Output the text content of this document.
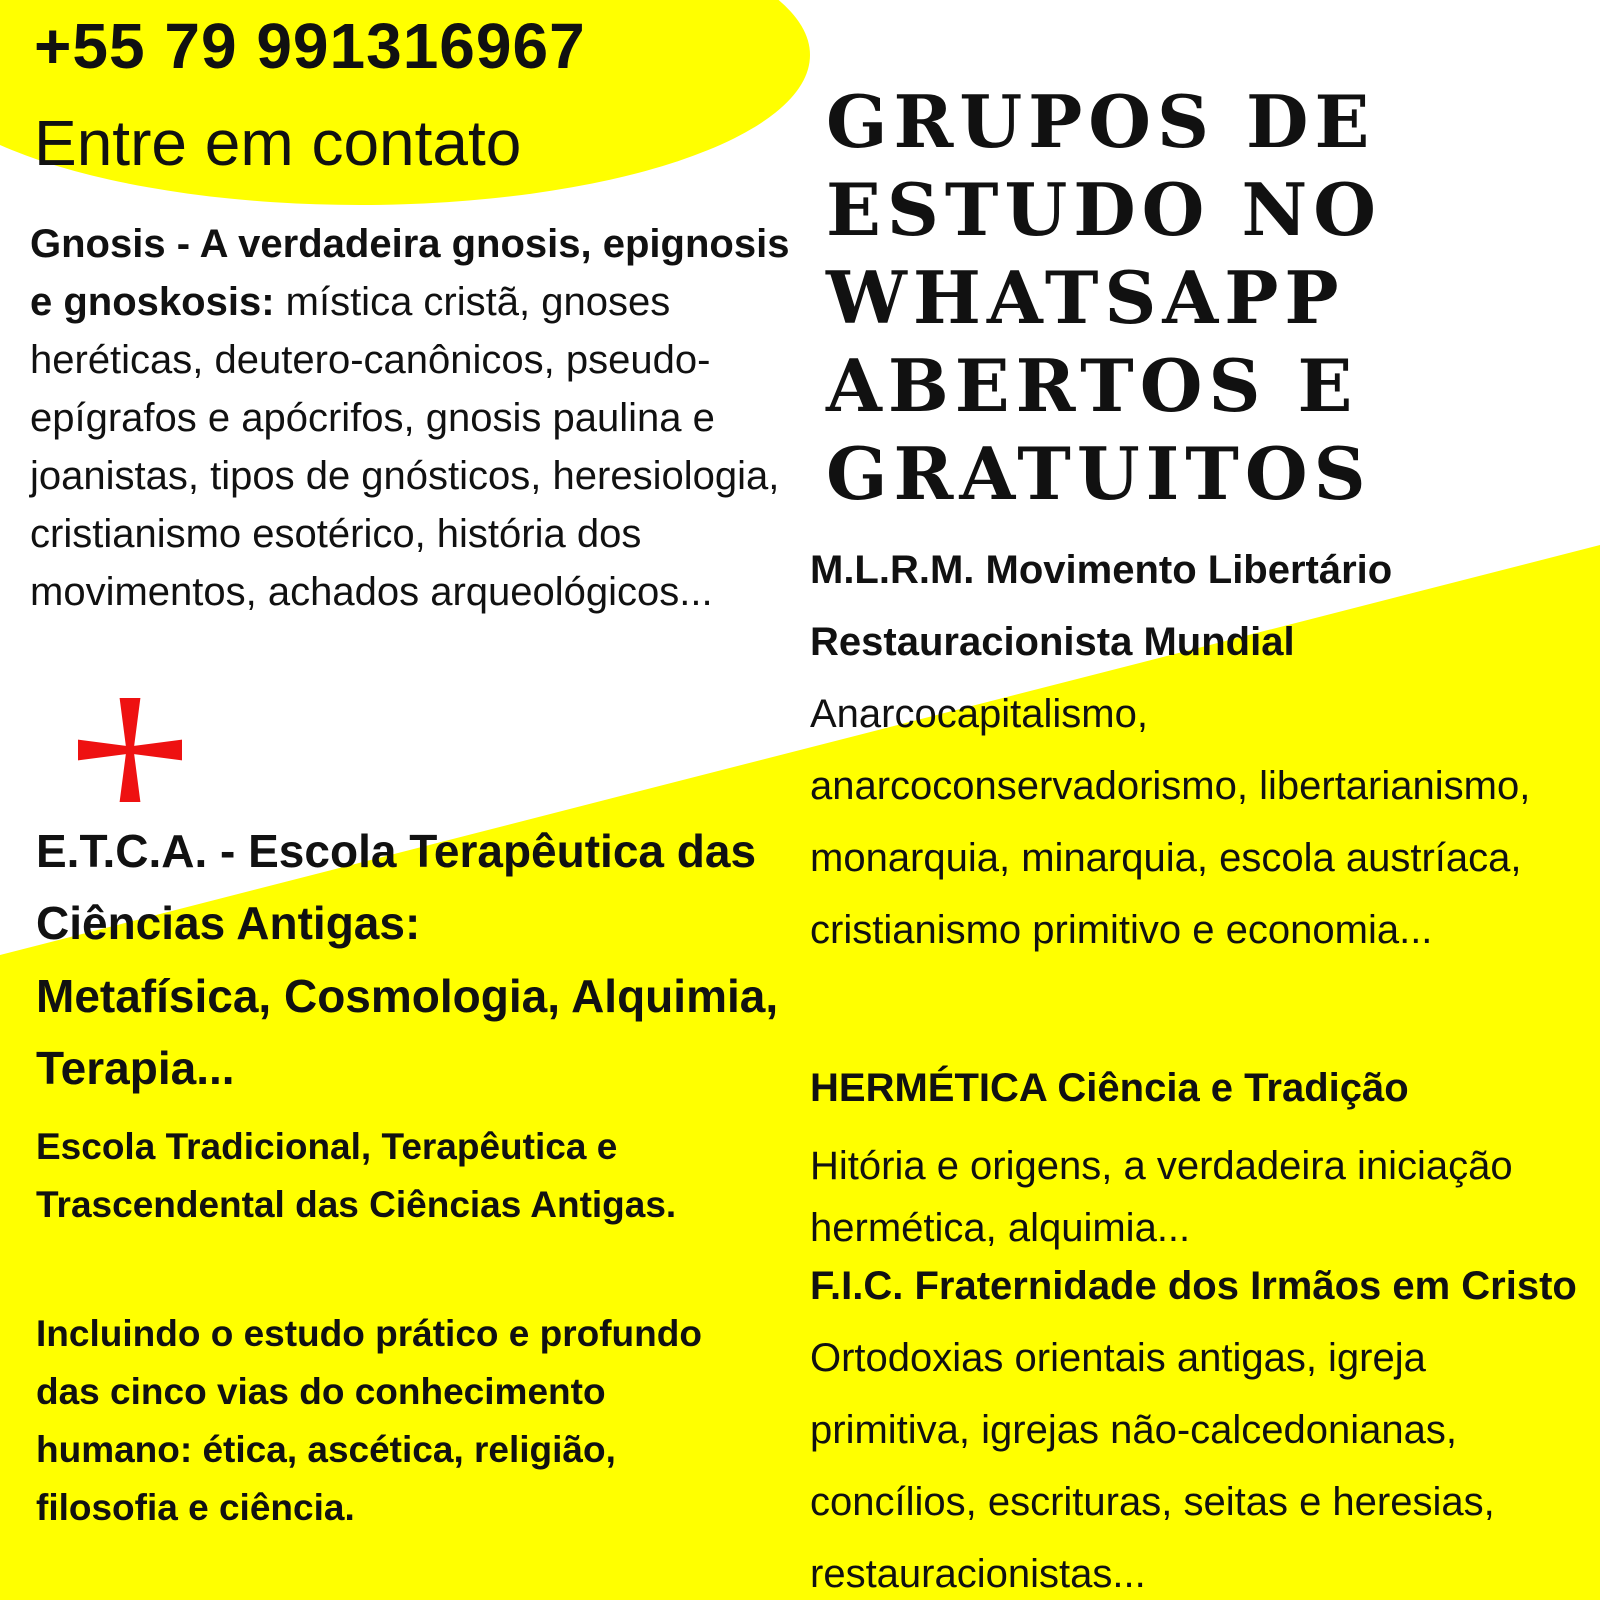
+55 79 991316967
Entre em contato	GRUPOS DE
ESTUDO NO
WHATSAPP
ABERTOS E
GRATUITOS
Gnosis - A verdadeira gnosis, epignosis e gnoskosis: mística cristã, gnoses heréticas, deutero-canônicos, pseudo-epígrafos e apócrifos, gnosis paulina e joanistas, tipos de gnósticos, heresiologia, cristianismo esotérico, história dos movimentos, achados arqueológicos...
E.T.C.A. - Escola Terapêutica das Ciências Antigas:
Metafísica, Cosmologia, Alquimia, Terapia...
Escola Tradicional, Terapêutica e Trascendental das Ciências Antigas.
Incluindo o estudo prático e profundo das cinco vias do conhecimento humano: ética, ascética, religião, filosofia e ciência.
M.L.R.M. Movimento Libertário Restauracionista Mundial
Anarcocapitalismo, anarcoconservadorismo, libertarianismo, monarquia, minarquia, escola austríaca, cristianismo primitivo e economia...
HERMÉTICA Ciência e Tradição
Hitória e origens, a verdadeira iniciação hermética, alquimia...
F.I.C. Fraternidade dos Irmãos em Cristo Ortodoxias orientais antigas, igreja primitiva, igrejas não-calcedonianas, concílios, escrituras, seitas e heresias, restauracionistas...
